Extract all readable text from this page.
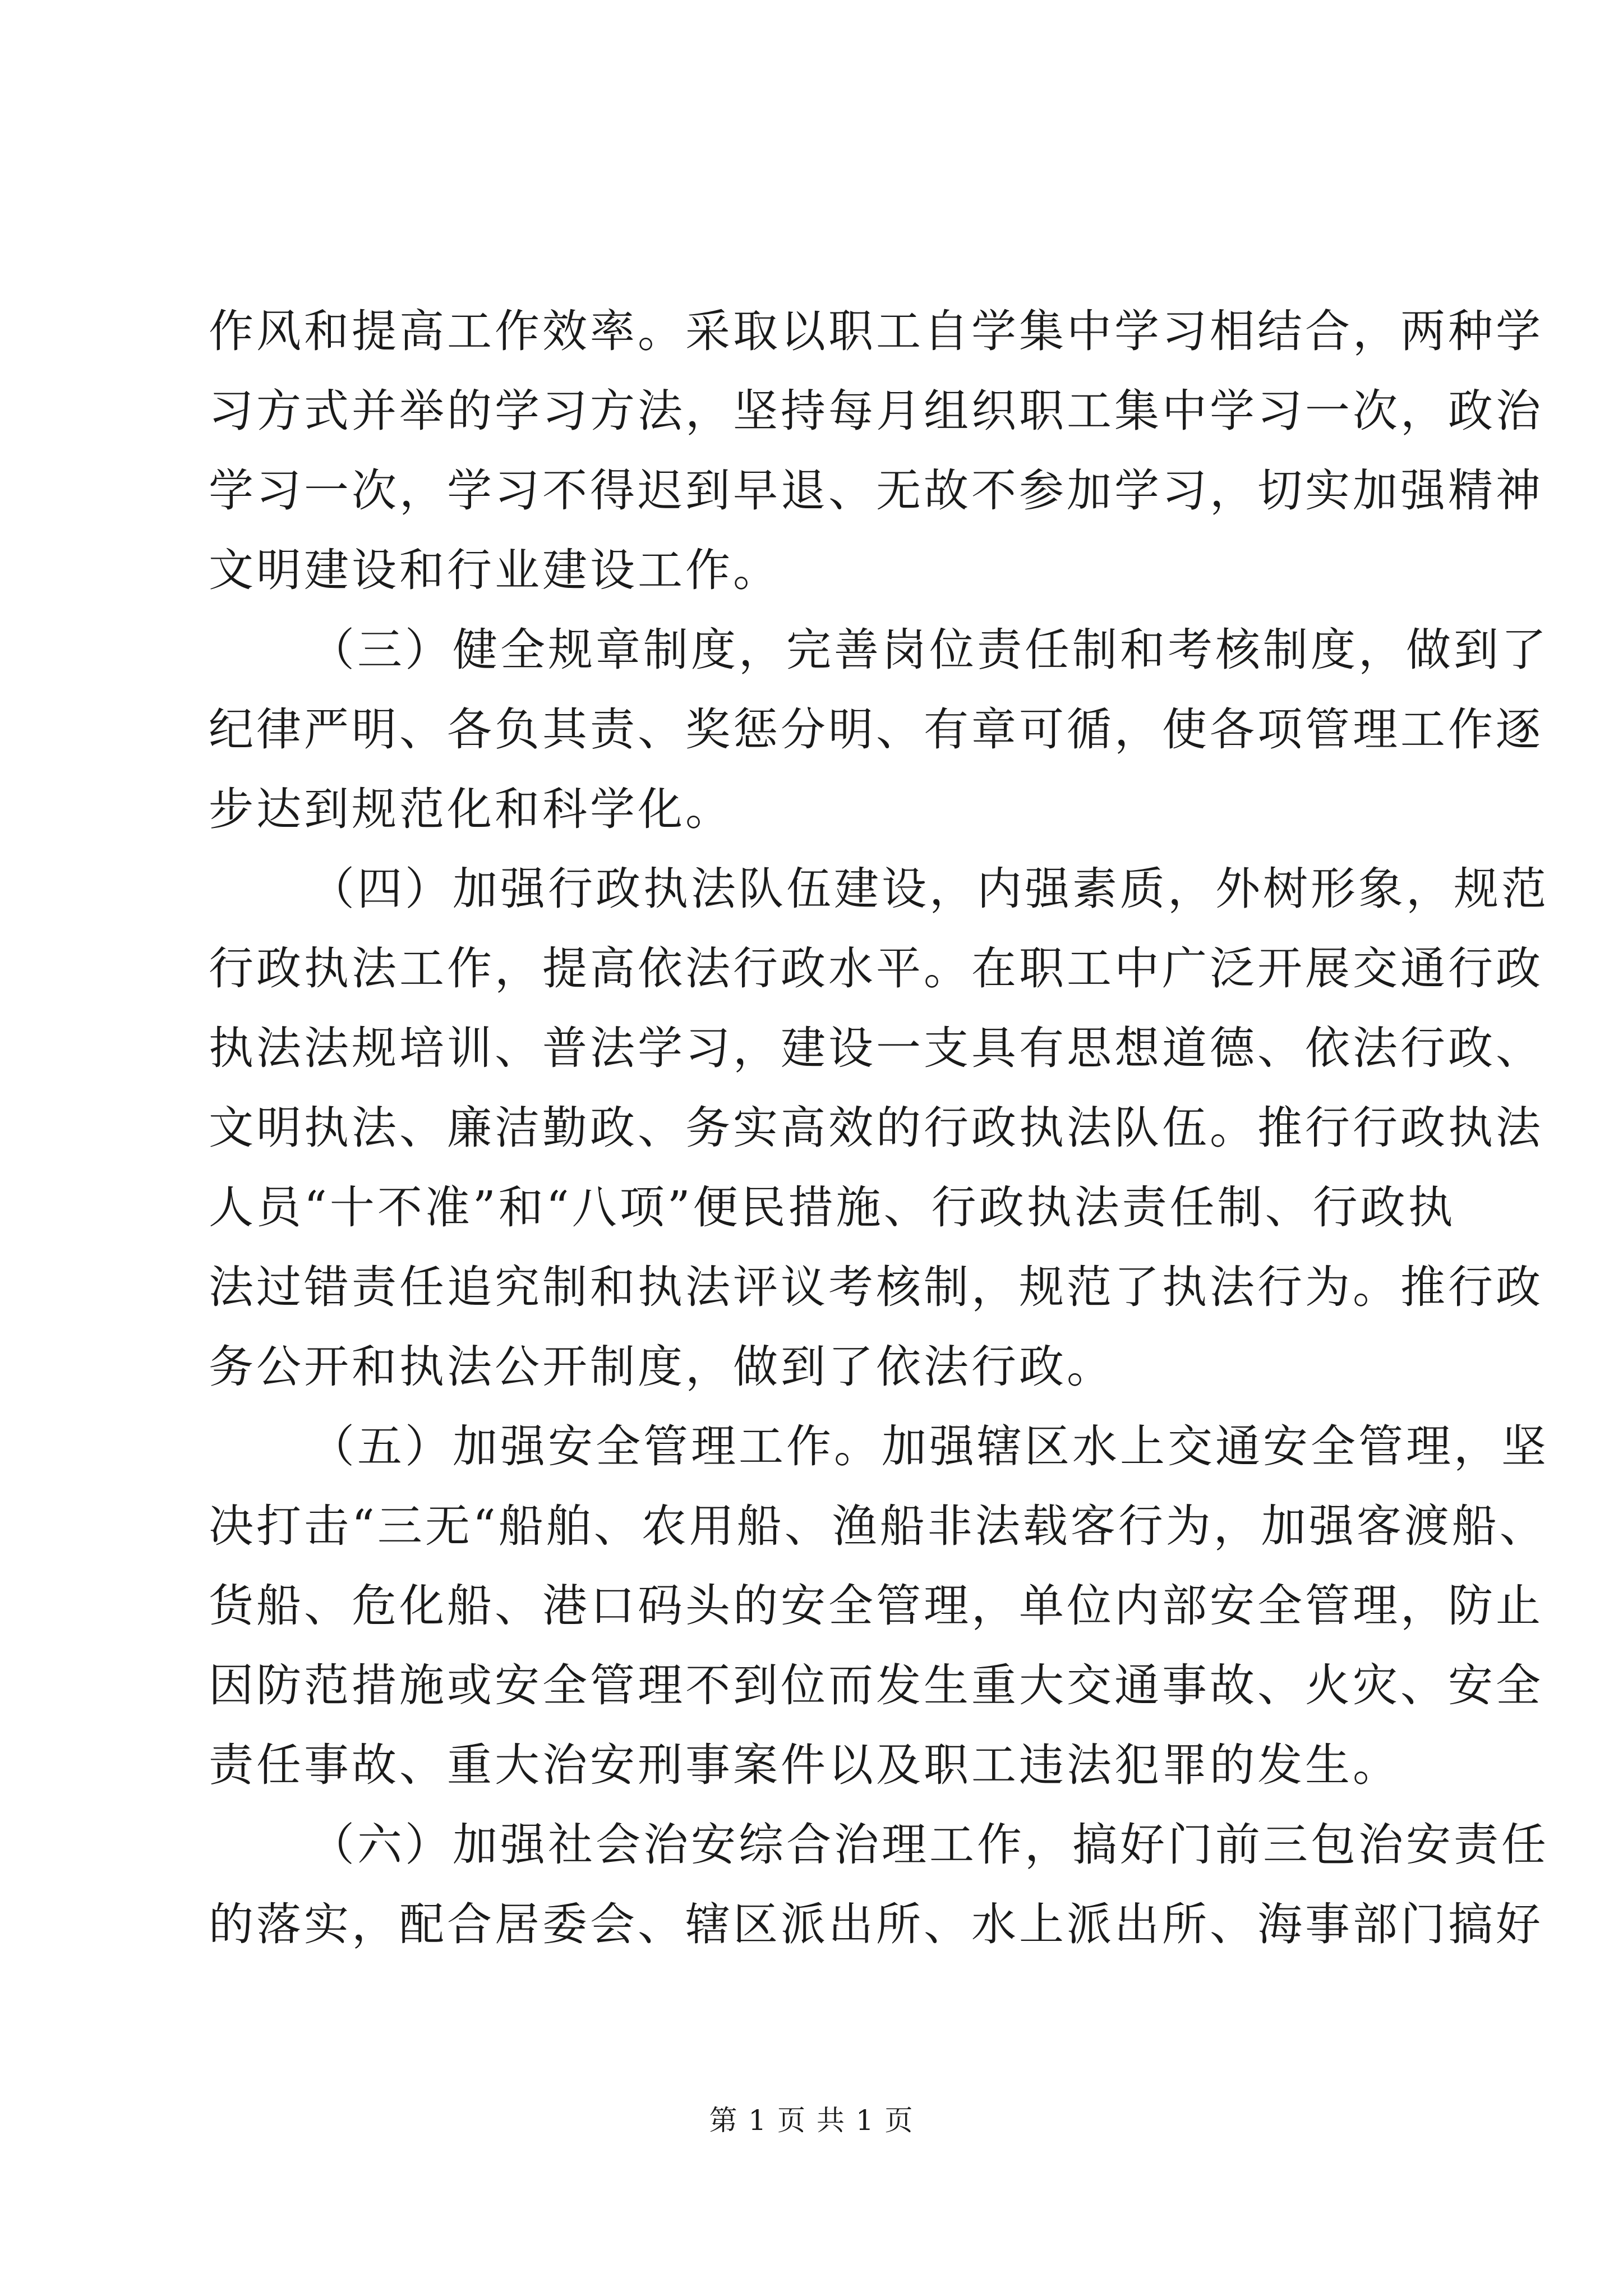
作风和提高工作效率。采取以职工自学集中学习相结合，两种学
习方式并举的学习方法，坚持每月组织职工集中学习一次，政治
学习一次，学习不得迟到早退、无故不参加学习，切实加强精神
文明建设和行业建设工作。
（三）健全规章制度，完善岗位责任制和考核制度，做到了
纪律严明、各负其责、奖惩分明、有章可循，使各项管理工作逐
步达到规范化和科学化。
（四）加强行政执法队伍建设，内强素质，外树形象，规范
行政执法工作，提高依法行政水平。在职工中广泛开展交通行政
执法法规培训、普法学习，建设一支具有思想道德、依法行政、
文明执法、廉洁勤政、务实高效的行政执法队伍。推行行政执法
人员“十不准”和“八项”便民措施、行政执法责任制、行政执
法过错责任追究制和执法评议考核制，规范了执法行为。推行政
务公开和执法公开制度，做到了依法行政。
（五）加强安全管理工作。加强辖区水上交通安全管理，坚
决打击“三无“船舶、农用船、渔船非法载客行为，加强客渡船、
货船、危化船、港口码头的安全管理，单位内部安全管理，防止
因防范措施或安全管理不到位而发生重大交通事故、火灾、安全
责任事故、重大治安刑事案件以及职工违法犯罪的发生。
（六）加强社会治安综合治理工作，搞好门前三包治安责任
的落实，配合居委会、辖区派出所、水上派出所、海事部门搞好
第 1 页 共 1 页
